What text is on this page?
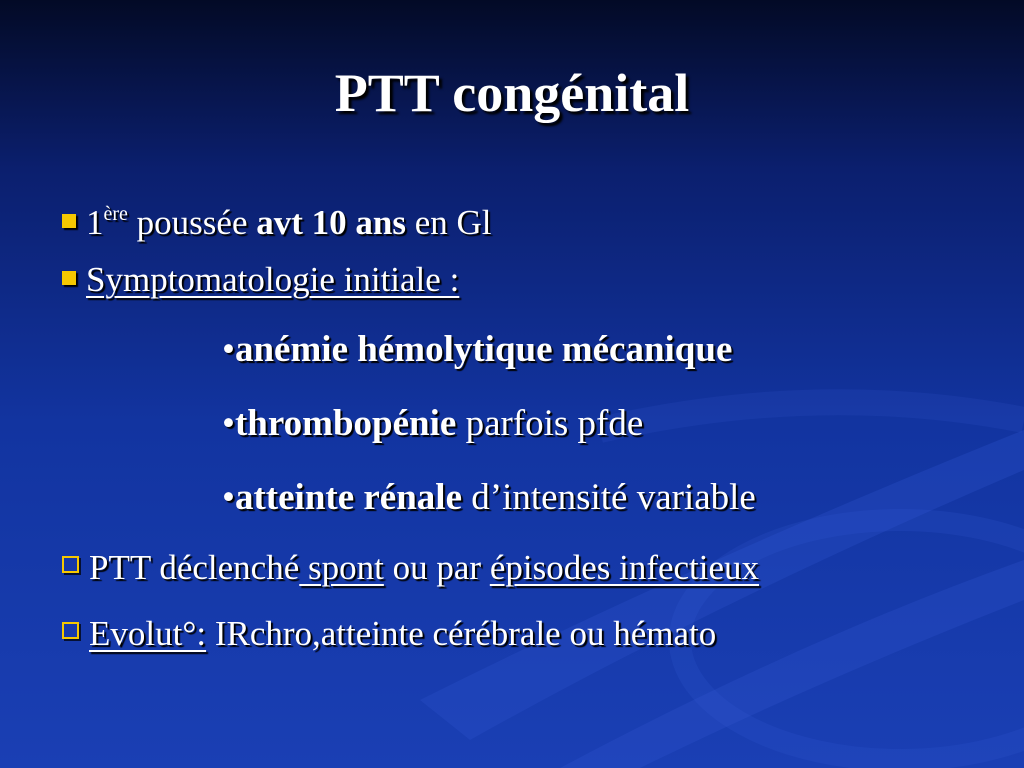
PTT congénital
1ère poussée avt 10 ans en Gl
Symptomatologie initiale :
•anémie hémolytique mécanique
•thrombopénie parfois pfde
•atteinte rénale d’intensité variable
PTT déclenché spont ou par épisodes infectieux
Evolut°: IRchro,atteinte cérébrale ou hémato
